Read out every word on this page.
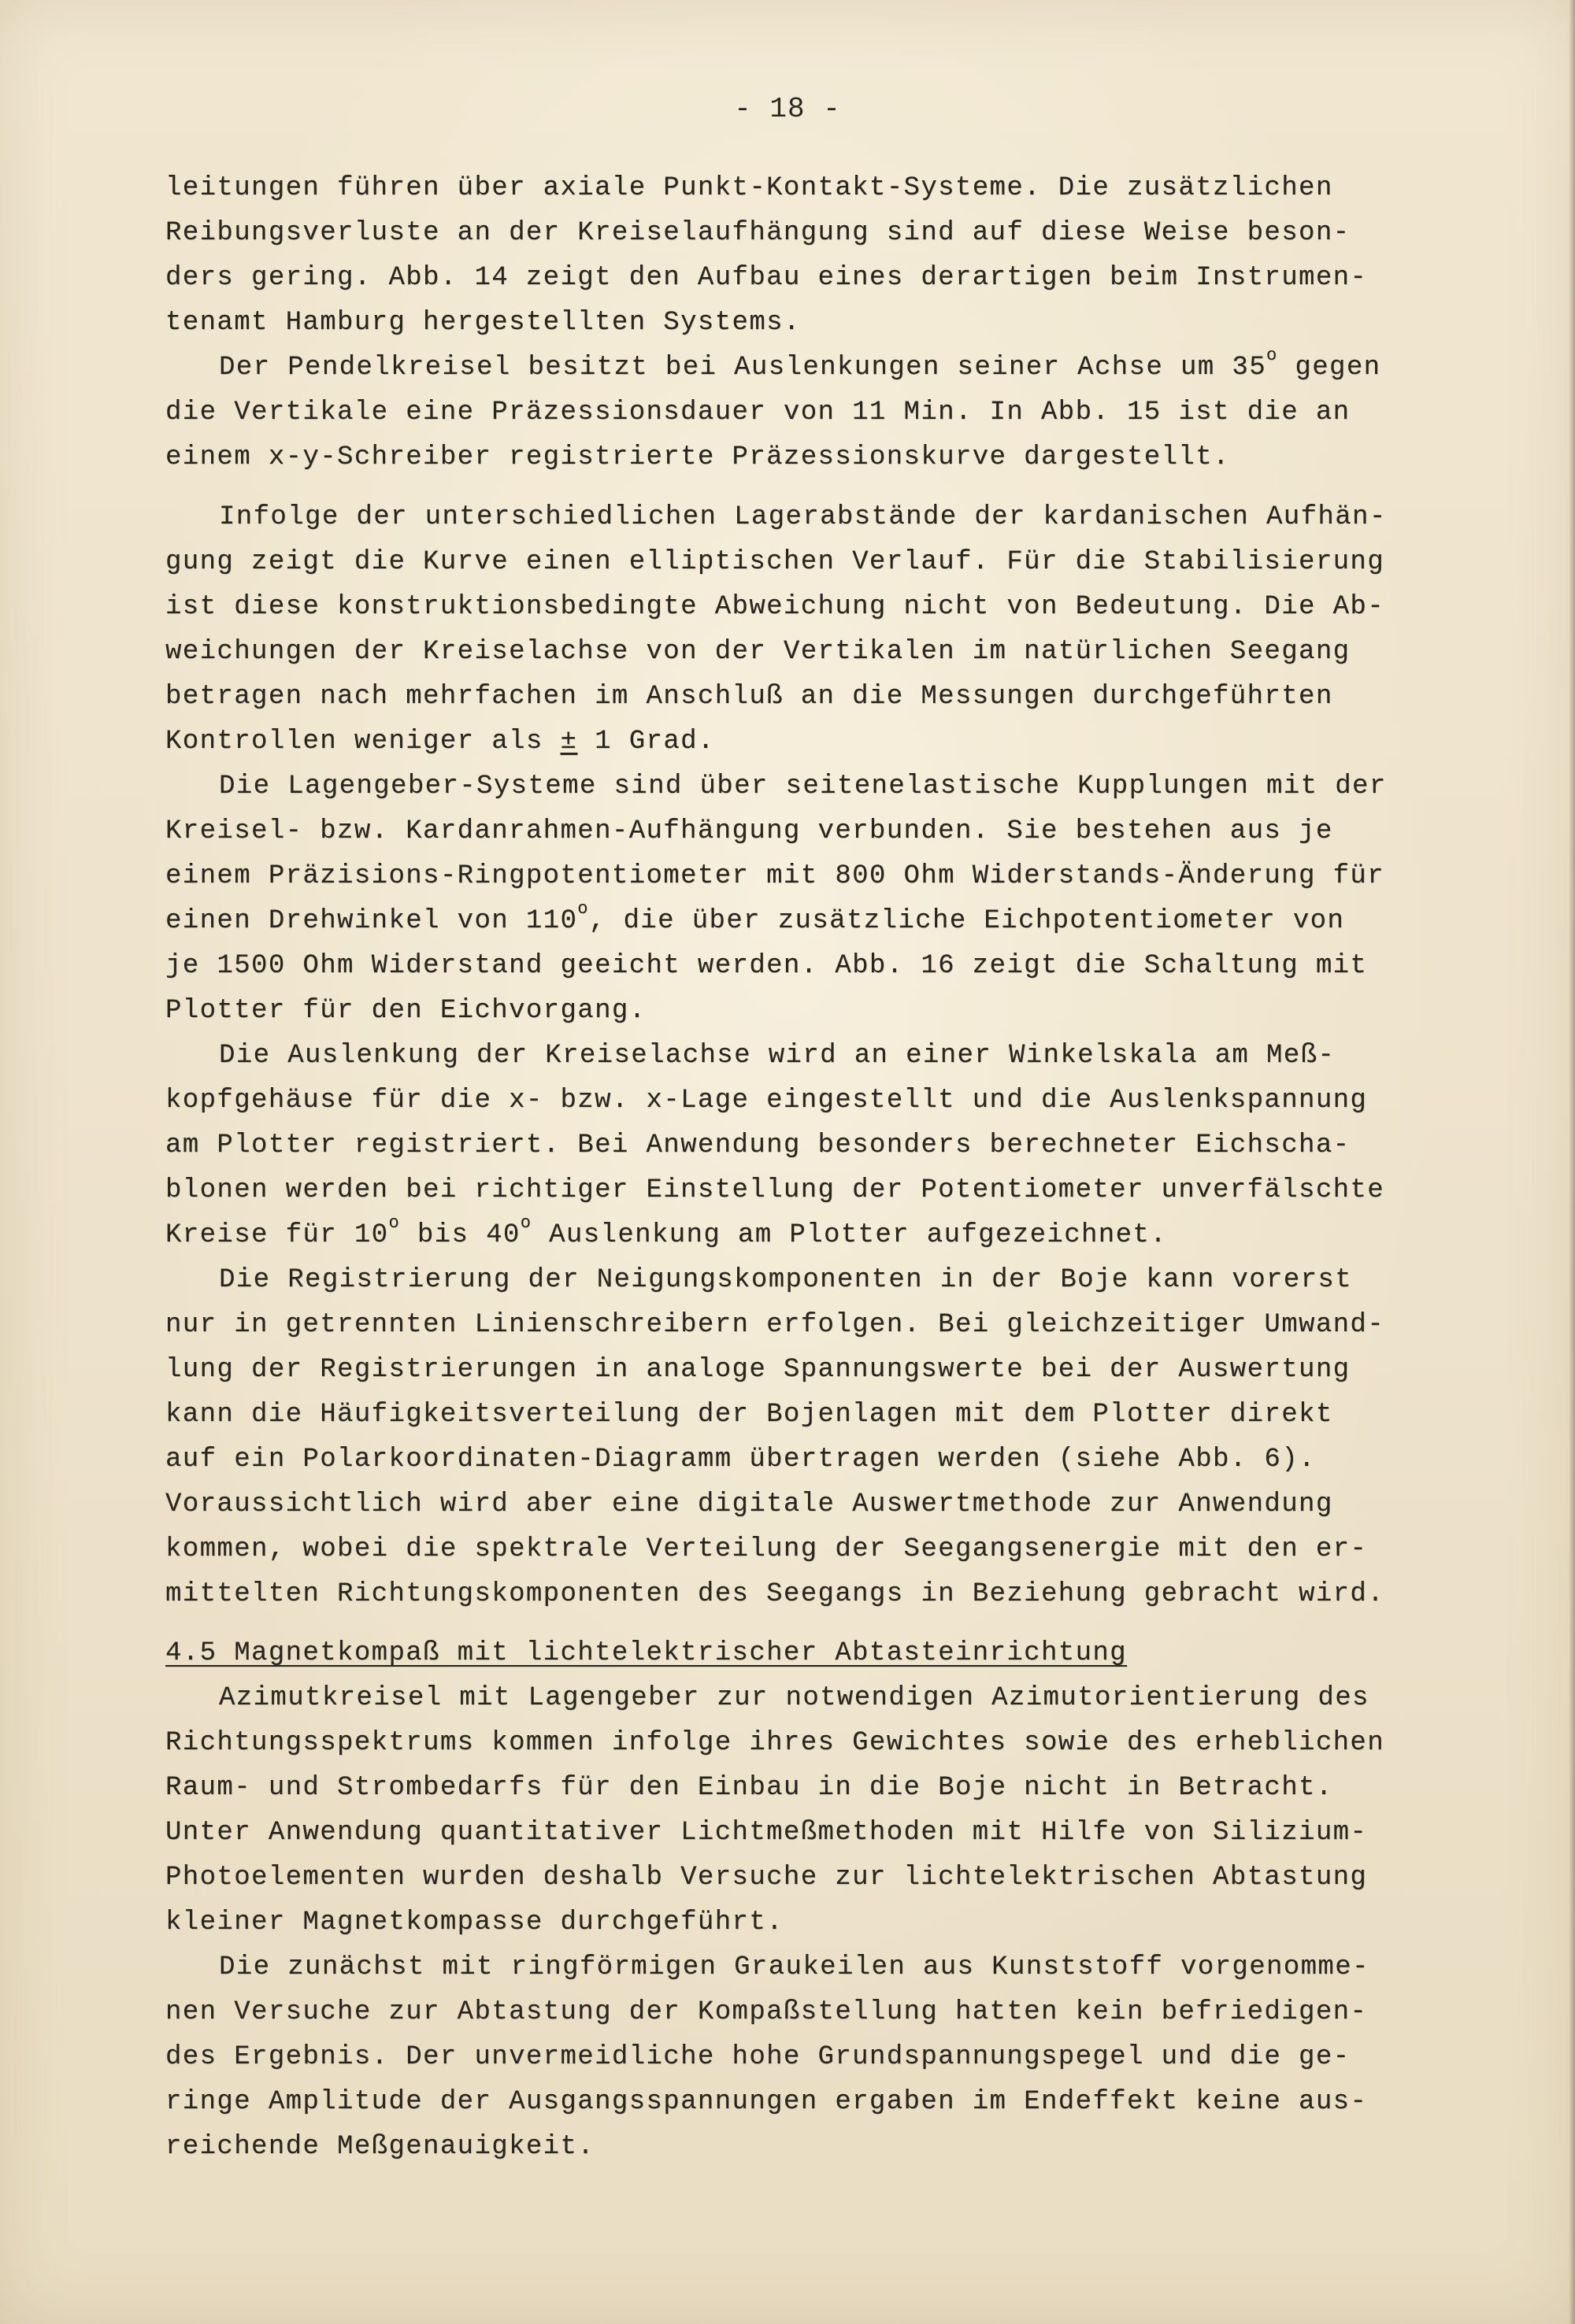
- 18 -
leitungen führen über axiale Punkt-Kontakt-Systeme. Die zusätzlichen
Reibungsverluste an der Kreiselaufhängung sind auf diese Weise beson-
ders gering. Abb. 14 zeigt den Aufbau eines derartigen beim Instrumen-
tenamt Hamburg hergestellten Systems.
Der Pendelkreisel besitzt bei Auslenkungen seiner Achse um 35$^o$ gegen
die Vertikale eine Präzessionsdauer von 11 Min. In Abb. 15 ist die an
einem x-y-Schreiber registrierte Präzessionskurve dargestellt.
Infolge der unterschiedlichen Lagerabstände der kardanischen Aufhän-
gung zeigt die Kurve einen elliptischen Verlauf. Für die Stabilisierung
ist diese konstruktionsbedingte Abweichung nicht von Bedeutung. Die Ab-
weichungen der Kreiselachse von der Vertikalen im natürlichen Seegang
betragen nach mehrfachen im Anschluß an die Messungen durchgeführten
Kontrollen weniger als ± 1 Grad.
Die Lagengeber-Systeme sind über seitenelastische Kupplungen mit der
Kreisel- bzw. Kardanrahmen-Aufhängung verbunden. Sie bestehen aus je
einem Präzisions-Ringpotentiometer mit 800 Ohm Widerstands-Änderung für
einen Drehwinkel von 110$^o$, die über zusätzliche Eichpotentiometer von
je 1500 Ohm Widerstand geeicht werden. Abb. 16 zeigt die Schaltung mit
Plotter für den Eichvorgang.
Die Auslenkung der Kreiselachse wird an einer Winkelskala am Meß-
kopfgehäuse für die x- bzw. x-Lage eingestellt und die Auslenkspannung
am Plotter registriert. Bei Anwendung besonders berechneter Eichscha-
blonen werden bei richtiger Einstellung der Potentiometer unverfälschte
Kreise für 10$^o$ bis 40$^o$ Auslenkung am Plotter aufgezeichnet.
Die Registrierung der Neigungskomponenten in der Boje kann vorerst
nur in getrennten Linienschreibern erfolgen. Bei gleichzeitiger Umwand-
lung der Registrierungen in analoge Spannungswerte bei der Auswertung
kann die Häufigkeitsverteilung der Bojenlagen mit dem Plotter direkt
auf ein Polarkoordinaten-Diagramm übertragen werden (siehe Abb. 6).
Voraussichtlich wird aber eine digitale Auswertmethode zur Anwendung
kommen, wobei die spektrale Verteilung der Seegangsenergie mit den er-
mittelten Richtungskomponenten des Seegangs in Beziehung gebracht wird.
4.5 Magnetkompaß mit lichtelektrischer Abtasteinrichtung
Azimutkreisel mit Lagengeber zur notwendigen Azimutorientierung des
Richtungsspektrums kommen infolge ihres Gewichtes sowie des erheblichen
Raum- und Strombedarfs für den Einbau in die Boje nicht in Betracht.
Unter Anwendung quantitativer Lichtmeßmethoden mit Hilfe von Silizium-
Photoelementen wurden deshalb Versuche zur lichtelektrischen Abtastung
kleiner Magnetkompasse durchgeführt.
Die zunächst mit ringförmigen Graukeilen aus Kunststoff vorgenomme-
nen Versuche zur Abtastung der Kompaßstellung hatten kein befriedigen-
des Ergebnis. Der unvermeidliche hohe Grundspannungspegel und die ge-
ringe Amplitude der Ausgangsspannungen ergaben im Endeffekt keine aus-
reichende Meßgenauigkeit.
